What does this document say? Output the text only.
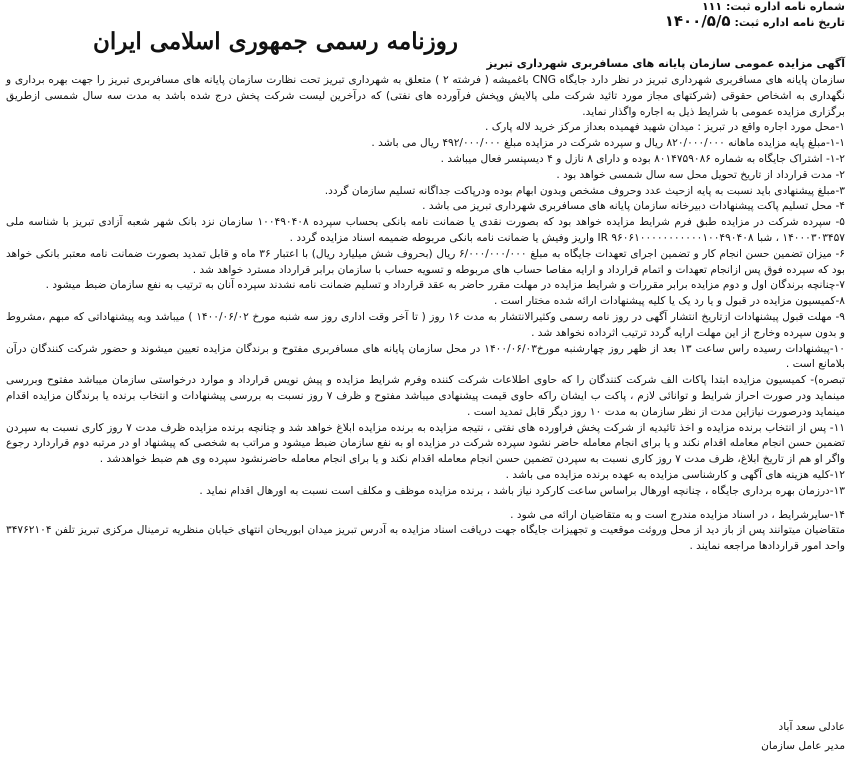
شماره نامه اداره ثبت: ۱۱۱
تاریخ نامه اداره ثبت: ۱۴۰۰/۵/۵
روزنامه رسمی جمهوری اسلامی ایران
آگهی مزایده عمومی سازمان پایانه های مسافربری شهرداری تبریز

سازمان پایانه های مسافربری شهرداری تبریز در نظر دارد جایگاه CNG باغمیشه ( فرشته ۲ ) متعلق به شهرداری تبریز تحت نظارت سازمان پایانه های مسافربری تبریز را جهت بهره برداری و نگهداری به اشخاص حقوقی (شرکتهای مجاز مورد تائید شرکت ملی پالایش وپخش فرآورده های نفتی) که درآخرین لیست شرکت پخش درج شده باشد به مدت سه سال شمسی ازطریق برگزاری مزایده عمومی با شرایط ذیل به اجاره واگذار نماید.

۱-محل مورد اجاره واقع در تبریز : میدان شهید فهمیده بعداز مرکز خرید لاله پارک .

۱-۱-مبلغ پایه مزایده ماهانه ۸۲۰/۰۰۰/۰۰۰ ریال و سپرده شرکت در مزایده مبلغ ۴۹۲/۰۰۰/۰۰۰ ریال می باشد .

۱-۲- اشتراک جایگاه به شماره ۸۰۱۴۷۵۹۰۸۶ بوده و دارای ۸ نازل و ۴ دیسپنسر فعال میباشد .

۲- مدت قرارداد از تاریخ تحویل محل سه سال شمسی خواهد بود .

۳-مبلغ پیشنهادی باید نسبت به پایه ازحیث عدد وحروف مشخص وبدون ابهام بوده ودرپاکت جداگانه تسلیم سازمان گردد.

۴- محل تسلیم پاکت پیشنهادات دبیرخانه سازمان پایانه های مسافربری شهرداری تبریز می باشد .

۵- سپرده شرکت در مزایده طبق فرم شرایط مزایده خواهد بود که بصورت نقدی یا ضمانت نامه بانکی بحساب سپرده ۱۰۰۴۹۰۴۰۸ سازمان نزد بانک شهر شعبه آزادی تبریز با شناسه ملی ۱۴۰۰۰۳۰۳۴۵۷ ، شبا IR ۹۶۰۶۱۰۰۰۰۰۰۰۰۰۰۰۱۰۰۴۹۰۴۰۸ واریز وفیش یا ضمانت نامه بانکی مربوطه ضمیمه اسناد مزایده گردد .

۶- میزان تضمین حسن انجام کار و تضمین اجرای تعهدات جایگاه به مبلغ ۶/۰۰۰/۰۰۰/۰۰۰ ریال (بحروف شش میلیارد ریال) با اعتبار ۳۶ ماه و قابل تمدید بصورت ضمانت نامه معتبر بانکی خواهد بود که سپرده فوق پس ازانجام تعهدات و اتمام قرارداد و ارایه مفاصا حساب های مربوطه و تسویه حساب با سازمان برابر قرارداد مسترد خواهد شد .

۷-چنانچه برندگان اول و دوم مزایده برابر مقررات و شرایط مزایده در مهلت مقرر حاضر به عقد قرارداد و تسلیم ضمانت نامه نشدند سپرده آنان به ترتیب به نفع سازمان ضبط میشود .

۸-کمیسیون مزایده در قبول و یا رد یک یا کلیه پیشنهادات ارائه شده مختار است .

۹- مهلت قبول پیشنهادات ازتاریخ انتشار آگهی در روز نامه رسمی وکثیرالانتشار به مدت ۱۶ روز ( تا آخر وقت اداری روز سه شنبه مورخ ۱۴۰۰/۰۶/۰۲ ) میباشد وبه پیشنهاداتی که مبهم ،مشروط و بدون سپرده وخارج از این مهلت ارایه گردد ترتیب اثرداده نخواهد شد .

۱۰-پیشنهادات رسیده راس ساعت ۱۳ بعد از ظهر روز چهارشنبه مورخ۱۴۰۰/۰۶/۰۳ در محل سازمان پایانه های مسافربری مفتوح و برندگان مزایده تعیین میشوند و حضور شرکت کنندگان درآن بلامانع است .

تبصره)- کمیسیون مزایده ابتدا پاکات الف شرکت کنندگان را که حاوی اطلاعات شرکت کننده وفرم شرایط مزایده و پیش نویس قرارداد و موارد درخواستی سازمان میباشد مفتوح وبررسی مینماید ودر صورت احراز شرایط و توانائی لازم ، پاکت ب ایشان راکه حاوی قیمت پیشنهادی میباشد مفتوح و ظرف ۷ روز نسبت به بررسی پیشنهادات و انتخاب برنده یا برندگان مزایده اقدام مینماید ودرصورت نیازاین مدت از نظر سازمان به مدت ۱۰ روز دیگر قابل تمدید است .

۱۱- پس از انتخاب برنده مزایده و اخذ تائیدیه از شرکت پخش فراورده های نفتی ، نتیجه مزایده به برنده مزایده ابلاغ خواهد شد و چنانچه برنده مزایده ظرف مدت ۷ روز کاری نسبت به سپردن تضمین حسن انجام معامله اقدام نکند و یا برای انجام معامله حاضر نشود سپرده شرکت در مزایده او به نفع سازمان ضبط میشود و مراتب به شخصی که پیشنهاد او در مرتبه دوم قراردارد رجوع واگر او هم از تاریخ ابلاغ، ظرف مدت ۷ روز کاری نسبت به سپردن تضمین حسن انجام معامله اقدام نکند و یا برای انجام معامله حاضرنشود سپرده وی هم ضبط خواهدشد .

۱۲-کلیه هزینه های آگهی و کارشناسی مزایده به عهده برنده مزایده می باشد .

۱۳-درزمان بهره برداری جایگاه ، چنانچه اورهال براساس ساعت کارکرد نیاز باشد ، برنده مزایده موظف و مکلف است نسبت به اورهال اقدام نماید .

۱۴-سایرشرایط ، در اسناد مزایده مندرج است و به متقاضیان ارائه می شود .

متقاضیان میتوانند پس از باز دید از محل وروئت موقعیت و تجهیزات جایگاه جهت دریافت اسناد مزایده به آدرس تبریز میدان ابوریحان انتهای خیابان منظریه ترمینال مرکزی تبریز تلفن ۳۴۷۶۲۱۰۴ واحد امور قراردادها مراجعه نمایند .

عادلی سعد آباد
مدیر عامل سازمان
